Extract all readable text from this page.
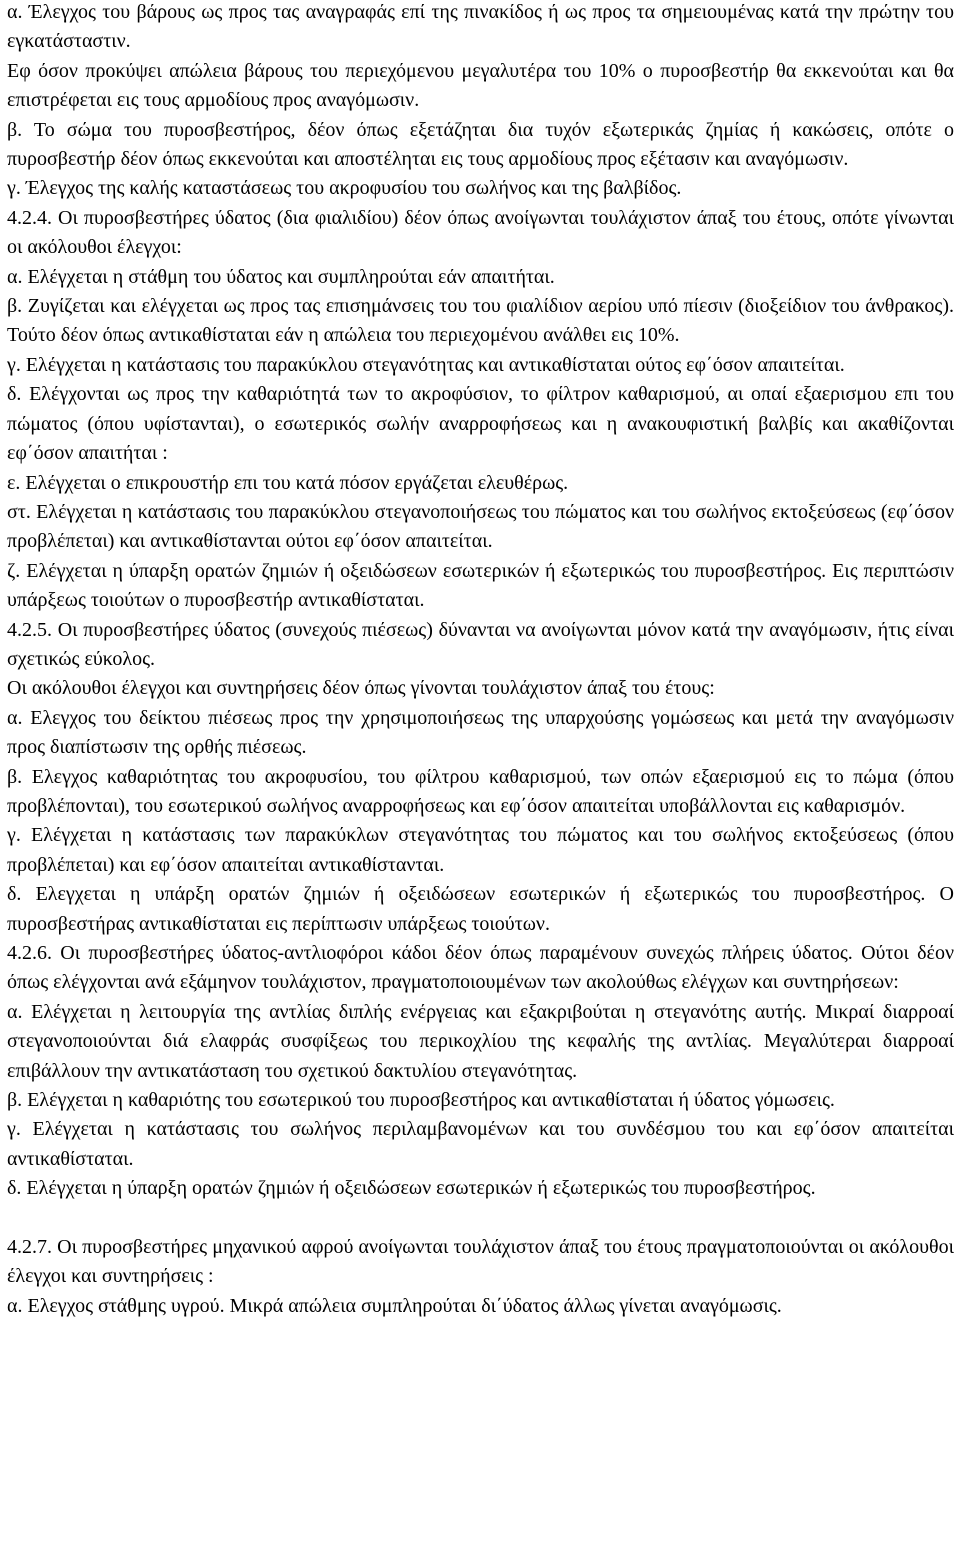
α. Έλεγχος του βάρους ως προς τας αναγραφάς επί της πινακίδος ή ως προς τα σημειουμένας κατά την πρώτην του εγκατάσταστιν.

Εφ όσον προκύψει απώλεια βάρους του περιεχόμενου μεγαλυτέρα του 10% ο πυροσβεστήρ θα εκκενούται και θα επιστρέφεται εις τους αρμοδίους προς αναγόμωσιν.

β. Το σώμα του πυροσβεστήρος, δέον όπως εξετάζηται δια τυχόν εξωτερικάς ζημίας ή κακώσεις, οπότε ο πυροσβεστήρ δέον όπως εκκενούται και αποστέληται εις τους αρμοδίους προς εξέτασιν και αναγόμωσιν.

γ. Έλεγχος της καλής καταστάσεως του ακροφυσίου του σωλήνος και της βαλβίδος.

4.2.4. Οι πυροσβεστήρες ύδατος (δια φιαλιδίου) δέον όπως ανοίγωνται τουλάχιστον άπαξ του έτους, οπότε γίνωνται οι ακόλουθοι έλεγχοι:

α. Ελέγχεται η στάθμη του ύδατος και συμπληρούται εάν απαιτήται.

β. Ζυγίζεται και ελέγχεται ως προς τας επισημάνσεις του του φιαλίδιον αερίου υπό πίεσιν (διοξείδιον του άνθρακος). Τούτο δέον όπως αντικαθίσταται εάν η απώλεια του περιεχομένου ανάλθει εις 10%.

γ. Ελέγχεται η κατάστασις του παρακύκλου στεγανότητας και αντικαθίσταται ούτος εφ΄όσον απαιτείται.

δ. Ελέγχονται ως προς την καθαριότητά των το ακροφύσιον, το φίλτρον καθαρισμού, αι οπαί εξαερισμου επι του πώματος (όπου υφίστανται), ο εσωτερικός σωλήν αναρροφήσεως και η ανακουφιστική βαλβίς και ακαθίζονται εφ΄όσον απαιτήται :

ε. Ελέγχεται ο επικρουστήρ επι του κατά πόσον εργάζεται ελευθέρως.

στ. Ελέγχεται η κατάστασις του παρακύκλου στεγανοποιήσεως του πώματος και του σωλήνος εκτοξεύσεως (εφ΄όσον προβλέπεται) και αντικαθίστανται ούτοι εφ΄όσον απαιτείται.

ζ. Ελέγχεται η ύπαρξη ορατών ζημιών ή οξειδώσεων εσωτερικών ή εξωτερικώς του πυροσβεστήρος. Εις περιπτώσιν υπάρξεως τοιούτων ο πυροσβεστήρ αντικαθίσταται.

4.2.5. Οι πυροσβεστήρες ύδατος (συνεχούς πιέσεως) δύνανται να ανοίγωνται μόνον κατά την αναγόμωσιν, ήτις είναι σχετικώς εύκολος.

Οι ακόλουθοι έλεγχοι και συντηρήσεις δέον όπως γίνονται τουλάχιστον άπαξ του έτους:

α. Ελεγχος του δείκτου πιέσεως προς την χρησιμοποιήσεως της υπαρχούσης γομώσεως και μετά την αναγόμωσιν προς διαπίστωσιν της ορθής πιέσεως.

β. Ελεγχος καθαριότητας του ακροφυσίου, του φίλτρου καθαρισμού, των οπών εξαερισμού εις το πώμα (όπου προβλέπονται), του εσωτερικού σωλήνος αναρροφήσεως και εφ΄όσον απαιτείται υποβάλλονται εις καθαρισμόν.

γ. Ελέγχεται η κατάστασις των παρακύκλων στεγανότητας του πώματος και του σωλήνος εκτοξεύσεως (όπου προβλέπεται) και εφ΄όσον απαιτείται αντικαθίστανται.

δ. Ελεγχεται η υπάρξη ορατών ζημιών ή οξειδώσεων εσωτερικών ή εξωτερικώς του πυροσβεστήρος. Ο πυροσβεστήρας αντικαθίσταται εις περίπτωσιν υπάρξεως τοιούτων.

4.2.6. Οι πυροσβεστήρες ύδατος-αντλιοφόροι κάδοι δέον όπως παραμένουν συνεχώς πλήρεις ύδατος. Ούτοι δέον όπως ελέγχονται ανά εξάμηνον τουλάχιστον, πραγματοποιουμένων των ακολούθως ελέγχων και συντηρήσεων:

α. Ελέγχεται η λειτουργία της αντλίας διπλής ενέργειας και εξακριβούται η στεγανότης αυτής. Μικραί διαρροαί στεγανοποιούνται διά ελαφράς συσφίξεως του περικοχλίου της κεφαλής της αντλίας. Μεγαλύτεραι διαρροαί επιβάλλουν την αντικατάσταση του σχετικού δακτυλίου στεγανότητας.

β. Ελέγχεται η καθαριότης του εσωτερικού του πυροσβεστήρος και αντικαθίσταται ή ύδατος γόμωσεις.

γ. Ελέγχεται η κατάστασις του σωλήνος περιλαμβανομένων και του συνδέσμου του και εφ΄όσον απαιτείται αντικαθίσταται.

δ. Ελέγχεται η ύπαρξη ορατών ζημιών ή οξειδώσεων εσωτερικών ή εξωτερικώς του πυροσβεστήρος.

4.2.7. Οι πυροσβεστήρες μηχανικού αφρού ανοίγωνται τουλάχιστον άπαξ του έτους πραγματοποιούνται οι ακόλουθοι έλεγχοι και συντηρήσεις :

α. Ελεγχος στάθμης υγρού. Μικρά απώλεια συμπληρούται δι΄ύδατος άλλως γίνεται αναγόμωσις.
